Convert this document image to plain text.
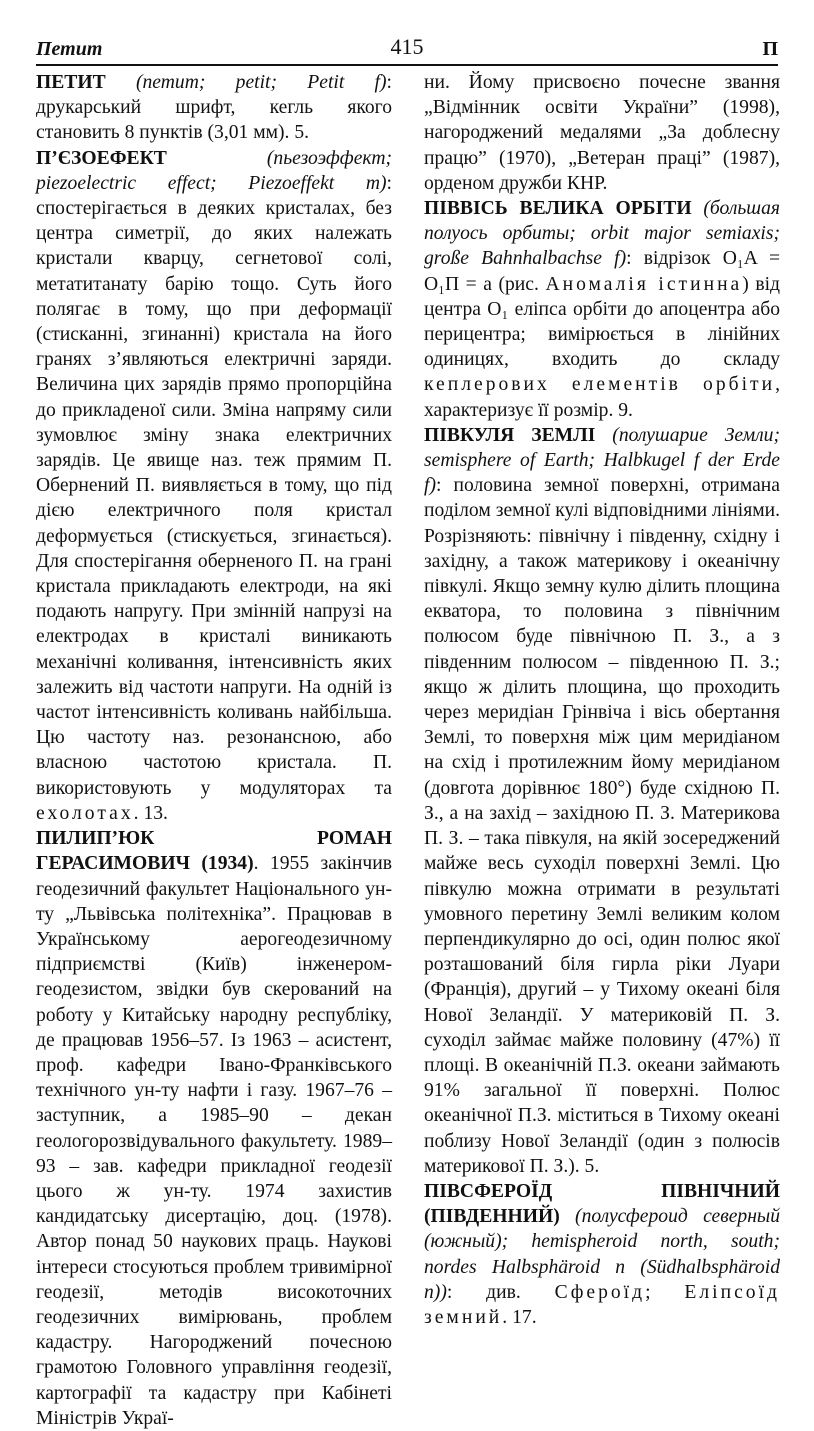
Петит	415	П

ПЕТИТ (петит; petit; Petit f): друкарський шрифт, кегль якого становить 8 пунктів (3,01 мм). 5.

П’ЄЗОЕФЕКТ	(пьезоэффект; piezoelectric effect; Piezoeffekt m): спостерігається в деяких кристалах, без центра симетрії, до яких належать кристали кварцу, сегнетової солі, метатитанату барію тощо. Суть його полягає в тому, що при деформації (стисканні, згинанні) кристала на його гранях з’являються електричні заряди. Величина цих зарядів прямо пропорційна до прикладеної сили. Зміна напряму сили зумовлює зміну знака електричних зарядів. Це явище наз. теж прямим П. Обернений П. виявляється в тому, що під дією електричного поля кристал деформується (стискується, згинається). Для спостерігання оберненого П. на грані кристала прикладають електроди, на які подають напругу. При змінній напрузі на електродах в кристалі виникають механічні коливання, інтенсивність яких залежить від частоти напруги. На одній із частот інтенсивність коливань найбільша. Цю частоту наз. резонансною, або власною частотою кристала. П. використовують у модуляторах та ехолотах. 13.

ПИЛИП’ЮК РОМАН ГЕРАСИМОВИЧ (1934). 1955 закінчив геодезичний факультет Національного ун-ту „Львівська політехніка”. Працював в Українському аерогеодезичному підприємстві (Київ) інженером-геодезистом, звідки був скерований на роботу у Китайську народну республіку, де працював 1956–57. Із 1963 – асистент, проф. кафедри Івано-Франківського технічного ун-ту нафти і газу. 1967–76 – заступник, а 1985–90 – декан геологорозвідувального факультету. 1989–93 – зав. кафедри прикладної геодезії цього ж ун-ту. 1974 захистив кандидатську дисертацію, доц. (1978). Автор понад 50 наукових праць. Наукові інтереси стосуються проблем тривимірної геодезії, методів високоточних геодезичних вимірювань, проблем кадастру. Нагороджений почесною грамотою Головного управління геодезії, картографії та кадастру при Кабінеті Міністрів Украї-

ни. Йому присвоєно почесне звання „Відмінник освіти України” (1998), нагороджений медалями „За доблесну працю” (1970), „Ветеран праці” (1987), орденом дружби КНР.

ПІВВІСЬ ВЕЛИКА ОРБІТИ (большая полуось орбиты; orbit major semiaxis; große Bahnhalbachse f): відрізок O₁A = O₁П = a (рис. Аномалія істинна) від центра O₁ еліпса орбіти до апоцентра або перицентра; вимірюється в лінійних одиницях, входить до складу кеплерових елементів орбіти, характеризує її розмір. 9.

ПІВКУЛЯ ЗЕМЛІ (полушарие Земли; semisphere of Earth; Halbkugel f der Erde f): половина земної поверхні, отримана поділом земної кулі відповідними лініями. Розрізняють: північну і південну, східну і західну, а також материкову і океанічну півкулі. Якщо земну кулю ділить площина екватора, то половина з північним полюсом буде північною П. З., а з південним полюсом – південною П. З.; якщо ж ділить площина, що проходить через меридіан Грінвіча і вісь обертання Землі, то поверхня між цим меридіаном на схід і протилежним йому меридіаном (довгота дорівнює 180°) буде східною П. З., а на захід – західною П. З. Материкова П. З. – така півкуля, на якій зосереджений майже весь суходіл поверхні Землі. Цю півкулю можна отримати в результаті умовного перетину Землі великим колом перпендикулярно до осі, один полюс якої розташований біля гирла ріки Луари (Франція), другий – у Тихому океані біля Нової Зеландії. У материковій П. З. суходіл займає майже половину (47%) її площі. В океанічній П.З. океани займають 91% загальної її поверхні. Полюс океанічної П.З. міститься в Тихому океані поблизу Нової Зеландії (один з полюсів материкової П. З.). 5.

ПІВСФЕРОЇД ПІВНІЧНИЙ (ПІВДЕННИЙ) (полусфероид северный (южный); hemispheroid north, south; nordes Halbsphäroid n (Südhalbsphäroid n)): див. Сфероїд; Еліпсоїд земний. 17.
